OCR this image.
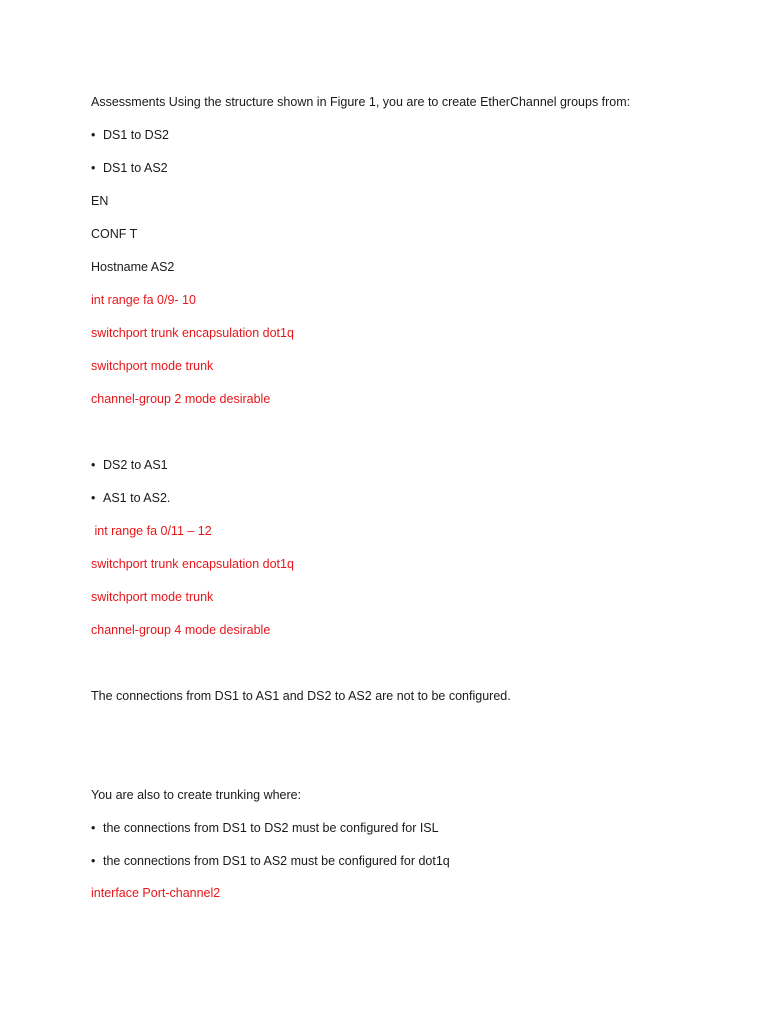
Assessments Using the structure shown in Figure 1, you are to create EtherChannel groups from:
• DS1 to DS2
• DS1 to AS2
EN
CONF T
Hostname AS2
int range fa 0/9- 10
switchport trunk encapsulation dot1q
switchport mode trunk
channel-group 2 mode desirable
• DS2 to AS1
• AS1 to AS2.
int range fa 0/11 – 12
switchport trunk encapsulation dot1q
switchport mode trunk
channel-group 4 mode desirable
The connections from DS1 to AS1 and DS2 to AS2 are not to be configured.
You are also to create trunking where:
• the connections from DS1 to DS2 must be configured for ISL
• the connections from DS1 to AS2 must be configured for dot1q
interface Port-channel2
